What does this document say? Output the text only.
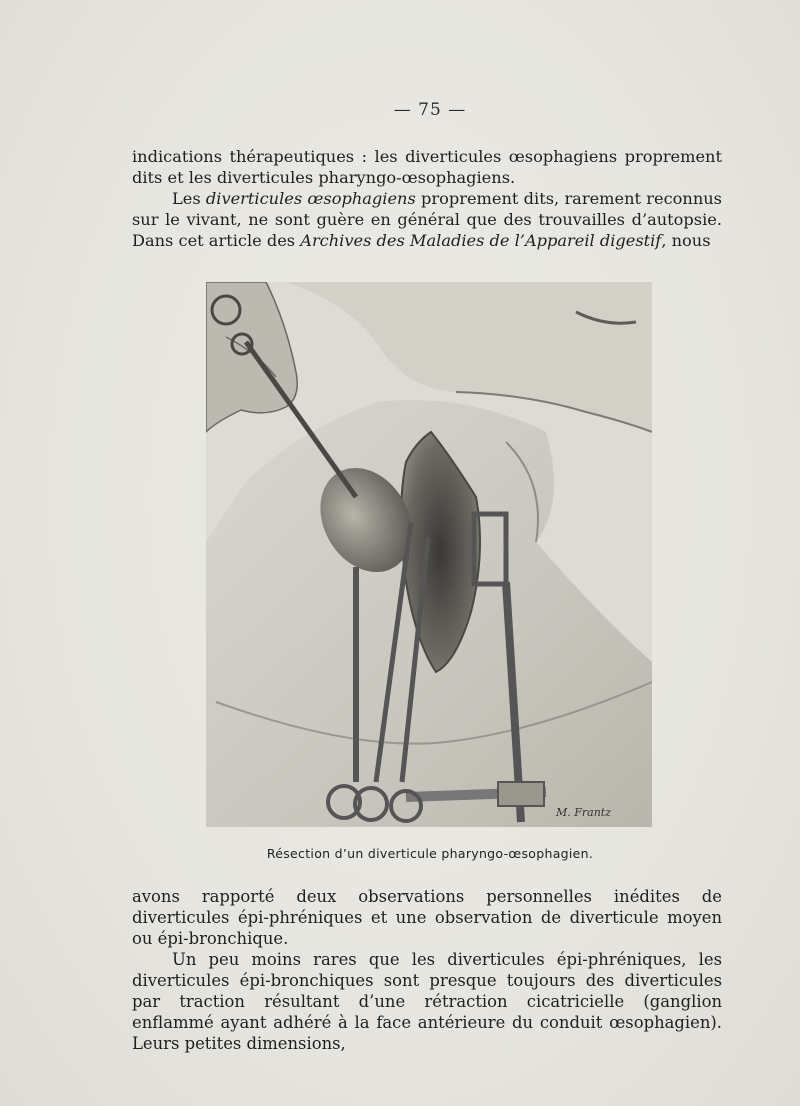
— 75 —

indications thérapeutiques : les diverticules œsophagiens proprement dits et les diverticules pharyngo-œsophagiens.

Les diverticules œsophagiens proprement dits, rarement reconnus sur le vivant, ne sont guère en général que des trouvailles d’autopsie. Dans cet article des Archives des Maladies de l’Appareil digestif, nous

M. Frantz
Résection d’un diverticule pharyngo-œsophagien.

avons rapporté deux observations personnelles inédites de diverticules épi-phréniques et une observation de diverticule moyen ou épi-bronchique.

Un peu moins rares que les diverticules épi-phréniques, les diverticules épi-bronchiques sont presque toujours des diverticules par traction résultant d’une rétraction cicatricielle (ganglion enflammé ayant adhéré à la face antérieure du conduit œsophagien). Leurs petites dimensions,
